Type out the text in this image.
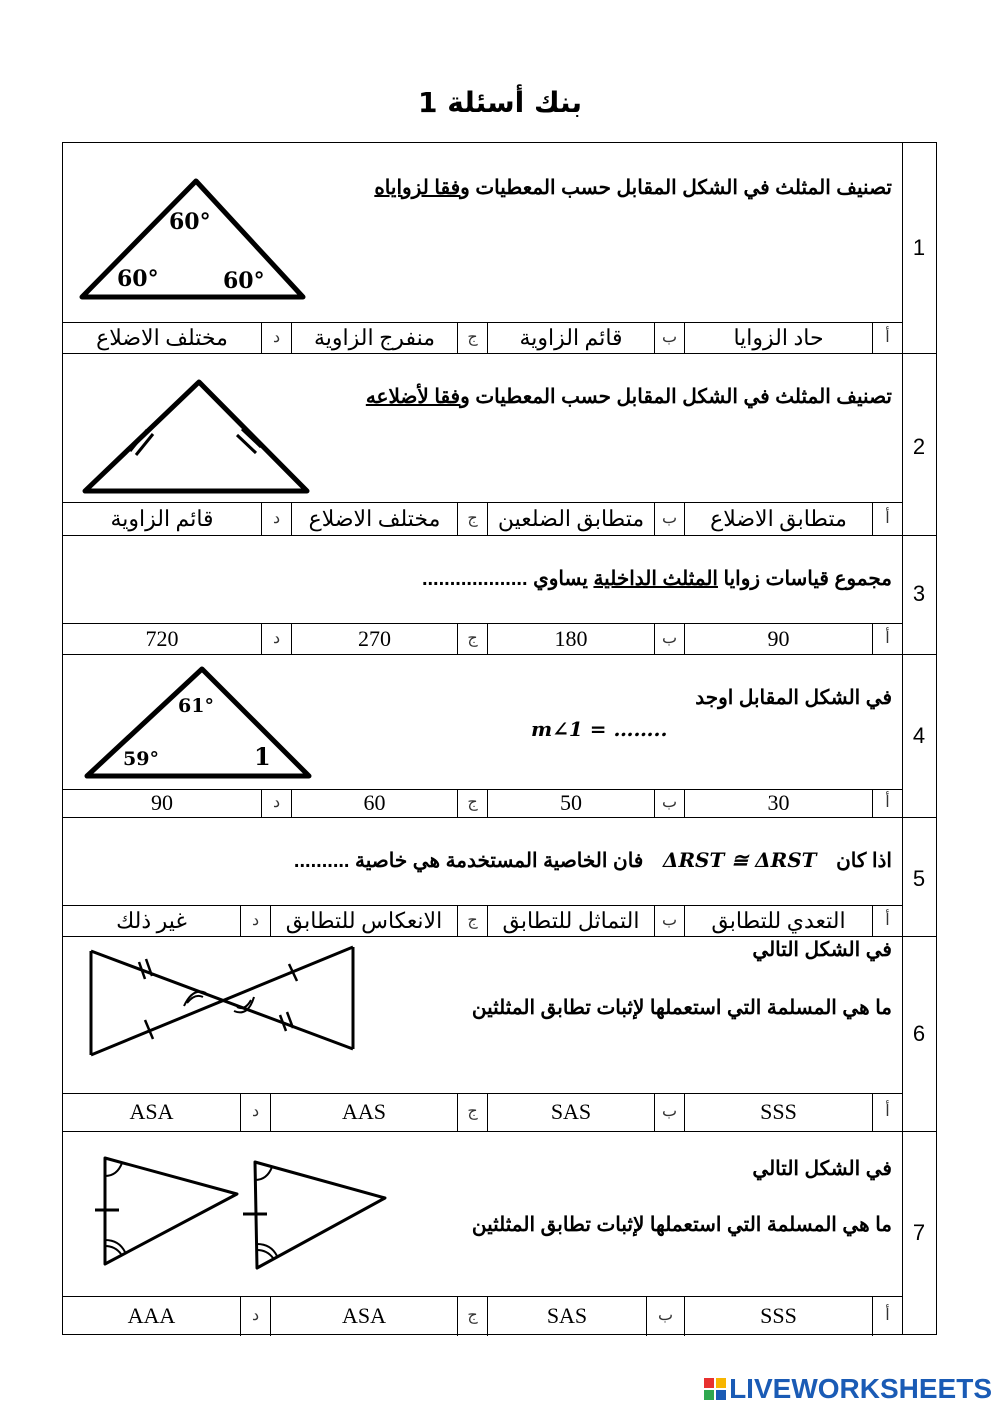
بنك أسئلة 1
1
تصنيف المثلث في الشكل المقابل حسب المعطيات وفقا لزواياه
60°
60°	60°
أ
حاد الزوايا
ب
قائم الزاوية
ج
منفرج الزاوية
د
مختلف الاضلاع
2
تصنيف المثلث في الشكل المقابل حسب المعطيات وفقا لأضلاعه
أ
متطابق الاضلاع
ب
متطابق الضلعين
ج
مختلف الاضلاع
د
قائم الزاوية
3
مجموع قياسات زوايا المثلث الداخلية يساوي ...................
أ
90
ب
180
ج
270
د
720
4
في الشكل المقابل اوجد
m∠1 = ……..
61°
59°	1
أ
30
ب
50
ج
60
د
90
5
اذا كان ΔRST ≅ ΔRST فان الخاصية المستخدمة هي خاصية ..........
أ
التعدي للتطابق
ب
التماثل للتطابق
ج
الانعكاس للتطابق
د
غير ذلك
6
في الشكل التالي
ما هي المسلمة التي استعملها لإثبات تطابق المثلثين
أ
SSS
ب
SAS
ج
AAS
د
ASA
7
في الشكل التالي
ما هي المسلمة التي استعملها لإثبات تطابق المثلثين
أ
SSS
ب
SAS
ج
ASA
د
AAA
LIVEWORKSHEETS
